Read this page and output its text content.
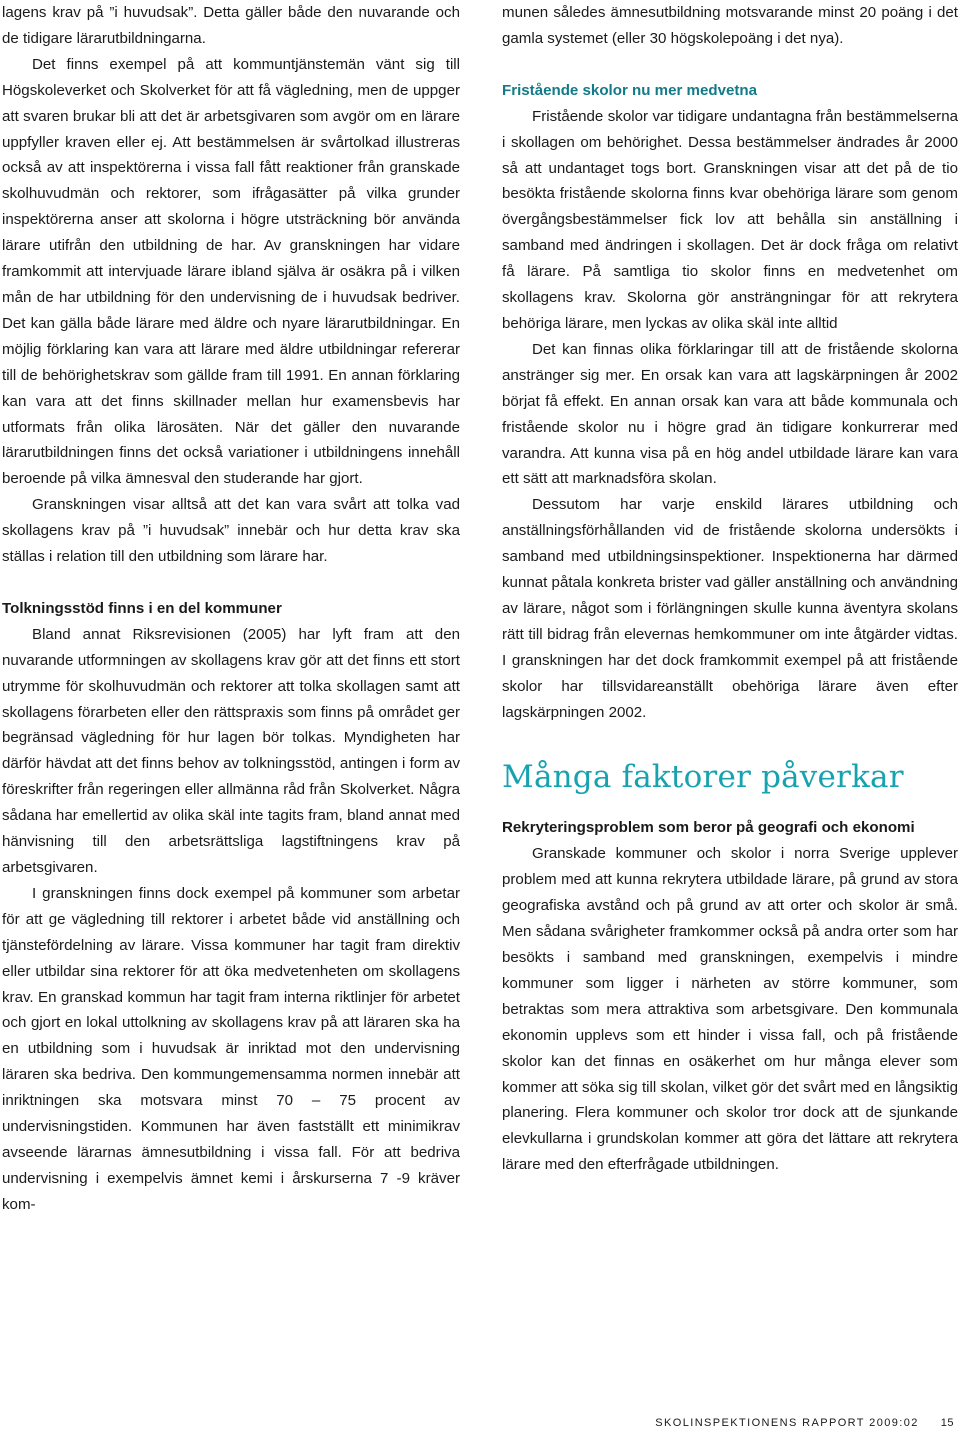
lagens krav på ”i huvudsak”. Detta gäller både den nuvarande och de tidigare lärarutbildningarna.

Det finns exempel på att kommuntjänstemän vänt sig till Högskoleverket och Skolverket för att få vägledning, men de uppger att svaren brukar bli att det är arbetsgivaren som avgör om en lärare uppfyller kraven eller ej. Att bestämmelsen är svårtolkad illustreras också av att inspektörerna i vissa fall fått reaktioner från granskade skolhuvudmän och rektorer, som ifrågasätter på vilka grunder inspektörerna anser att skolorna i högre utsträckning bör använda lärare utifrån den utbildning de har. Av granskningen har vidare framkommit att intervjuade lärare ibland själva är osäkra på i vilken mån de har utbildning för den undervisning de i huvudsak bedriver. Det kan gälla både lärare med äldre och nyare lärarutbildningar. En möjlig förklaring kan vara att lärare med äldre utbildningar refererar till de behörighetskrav som gällde fram till 1991. En annan förklaring kan vara att det finns skillnader mellan hur examensbevis har utformats från olika lärosäten. När det gäller den nuvarande lärarutbildningen finns det också variationer i utbildningens innehåll beroende på vilka ämnesval den studerande har gjort.

Granskningen visar alltså att det kan vara svårt att tolka vad skollagens krav på ”i huvudsak” innebär och hur detta krav ska ställas i relation till den utbildning som lärare har.

Tolkningsstöd finns i en del kommuner

Bland annat Riksrevisionen (2005) har lyft fram att den nuvarande utformningen av skollagens krav gör att det finns ett stort utrymme för skolhuvudmän och rektorer att tolka skollagen samt att skollagens förarbeten eller den rättspraxis som finns på området ger begränsad vägledning för hur lagen bör tolkas. Myndigheten har därför hävdat att det finns behov av tolkningsstöd, antingen i form av föreskrifter från regeringen eller allmänna råd från Skolverket. Några sådana har emellertid av olika skäl inte tagits fram, bland annat med hänvisning till den arbetsrättsliga lagstiftningens krav på arbetsgivaren.

I granskningen finns dock exempel på kommuner som arbetar för att ge vägledning till rektorer i arbetet både vid anställning och tjänstefördelning av lärare. Vissa kommuner har tagit fram direktiv eller utbildar sina rektorer för att öka medvetenheten om skollagens krav. En granskad kommun har tagit fram interna riktlinjer för arbetet och gjort en lokal uttolkning av skollagens krav på att läraren ska ha en utbildning som i huvudsak är inriktad mot den undervisning läraren ska bedriva. Den kommungemensamma normen innebär att inriktningen ska motsvara minst 70 – 75 procent av undervisningstiden. Kommunen har även fastställt ett minimikrav avseende lärarnas ämnesutbildning i vissa fall. För att bedriva undervisning i exempelvis ämnet kemi i årskurserna 7 -9 kräver kom-

munen således ämnesutbildning motsvarande minst 20 poäng i det gamla systemet (eller 30 högskolepoäng i det nya).

Fristående skolor nu mer medvetna

Fristående skolor var tidigare undantagna från bestämmelserna i skollagen om behörighet. Dessa bestämmelser ändrades år 2000 så att undantaget togs bort. Granskningen visar att det på de tio besökta fristående skolorna finns kvar obehöriga lärare som genom övergångsbestämmelser fick lov att behålla sin anställning i samband med ändringen i skollagen. Det är dock fråga om relativt få lärare. På samtliga tio skolor finns en medvetenhet om skollagens krav. Skolorna gör ansträngningar för att rekrytera behöriga lärare, men lyckas av olika skäl inte alltid

Det kan finnas olika förklaringar till att de fristående skolorna anstränger sig mer. En orsak kan vara att lagskärpningen år 2002 börjat få effekt. En annan orsak kan vara att både kommunala och fristående skolor nu i högre grad än tidigare konkurrerar med varandra. Att kunna visa på en hög andel utbildade lärare kan vara ett sätt att marknadsföra skolan.

Dessutom har varje enskild lärares utbildning och anställningsförhållanden vid de fristående skolorna undersökts i samband med utbildningsinspektioner. Inspektionerna har därmed kunnat påtala konkreta brister vad gäller anställning och användning av lärare, något som i förlängningen skulle kunna äventyra skolans rätt till bidrag från elevernas hemkommuner om inte åtgärder vidtas. I granskningen har det dock framkommit exempel på att fristående skolor har tillsvidareanställt obehöriga lärare även efter lagskärpningen 2002.

Många faktorer påverkar
Rekryteringsproblem som beror på geografi och ekonomi

Granskade kommuner och skolor i norra Sverige upplever problem med att kunna rekrytera utbildade lärare, på grund av stora geografiska avstånd och på grund av att orter och skolor är små. Men sådana svårigheter framkommer också på andra orter som har besökts i samband med granskningen, exempelvis i mindre kommuner som ligger i närheten av större kommuner, som betraktas som mera attraktiva som arbetsgivare. Den kommunala ekonomin upplevs som ett hinder i vissa fall, och på fristående skolor kan det finnas en osäkerhet om hur många elever som kommer att söka sig till skolan, vilket gör det svårt med en långsiktig planering. Flera kommuner och skolor tror dock att de sjunkande elevkullarna i grundskolan kommer att göra det lättare att rekrytera lärare med den efterfrågade utbildningen.

SKOLINSPEKTIONENS RAPPORT 2009:02 15
